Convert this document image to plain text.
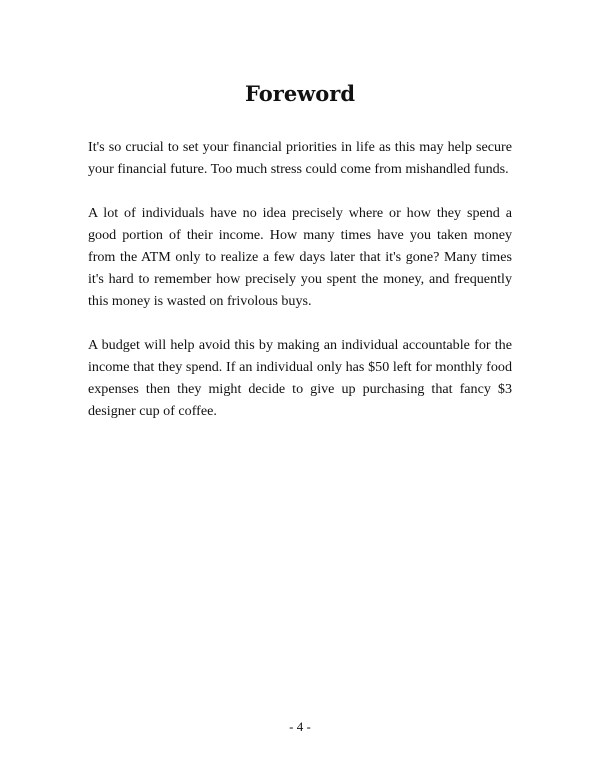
Foreword

It's so crucial to set your financial priorities in life as this may help secure your financial future. Too much stress could come from mishandled funds.

A lot of individuals have no idea precisely where or how they spend a good portion of their income. How many times have you taken money from the ATM only to realize a few days later that it's gone? Many times it's hard to remember how precisely you spent the money, and frequently this money is wasted on frivolous buys.

A budget will help avoid this by making an individual accountable for the income that they spend. If an individual only has $50 left for monthly food expenses then they might decide to give up purchasing that fancy $3 designer cup of coffee.

- 4 -
